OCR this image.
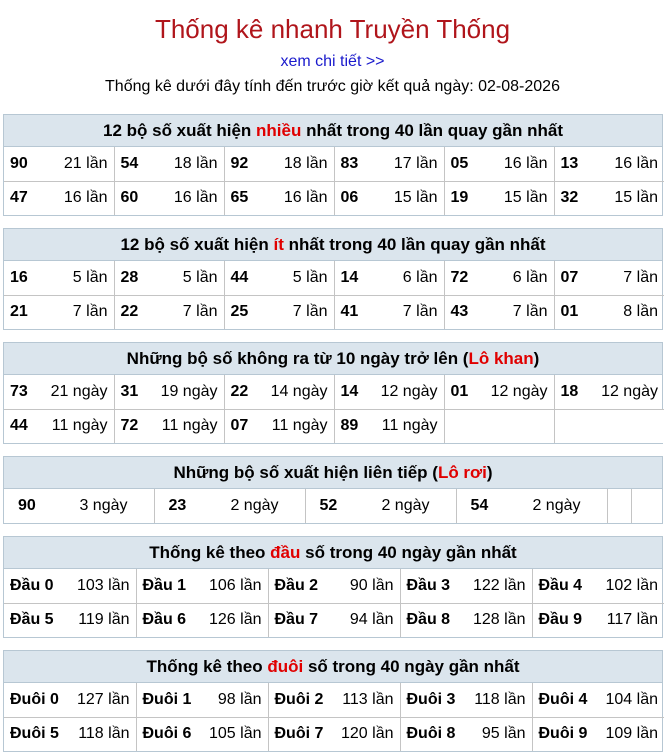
Thống kê nhanh Truyền Thống
xem chi tiết >>
Thống kê dưới đây tính đến trước giờ kết quả ngày: 02-08-2026
12 bộ số xuất hiện nhiều nhất trong 40 lần quay gần nhất
90 21 lần	54 18 lần	92 18 lần	83 17 lần	05 16 lần	13 16 lần

47 16 lần	60 16 lần	65 16 lần	06 15 lần	19 15 lần	32 15 lần
12 bộ số xuất hiện ít nhất trong 40 lần quay gần nhất
16 5 lần	28 5 lần	44 5 lần	14 6 lần	72 6 lần	07 7 lần

21 7 lần	22 7 lần	25 7 lần	41 7 lần	43 7 lần	01 8 lần
Những bộ số không ra từ 10 ngày trở lên (Lô khan)
73 21 ngày	31 19 ngày	22 14 ngày	14 12 ngày	01 12 ngày	18 12 ngày

44 11 ngày	72 11 ngày	07 11 ngày	89 11 ngày		

Những bộ số xuất hiện liên tiếp (Lô rơi)
90	3 ngày	23	2 ngày	52	2 ngày	54	2 ngày

Thống kê theo đầu số trong 40 ngày gần nhất
Đầu 0 103 lần	Đầu 1 106 lần	Đầu 2 90 lần	Đầu 3 122 lần	Đầu 4 102 lần

Đầu 5 119 lần	Đầu 6 126 lần	Đầu 7 94 lần	Đầu 8 128 lần	Đầu 9 117 lần
Thống kê theo đuôi số trong 40 ngày gần nhất
Đuôi 0 127 lần	Đuôi 1 98 lần	Đuôi 2 113 lần	Đuôi 3 118 lần	Đuôi 4 104 lần

Đuôi 5 118 lần	Đuôi 6 105 lần	Đuôi 7 120 lần	Đuôi 8 95 lần	Đuôi 9 109 lần
